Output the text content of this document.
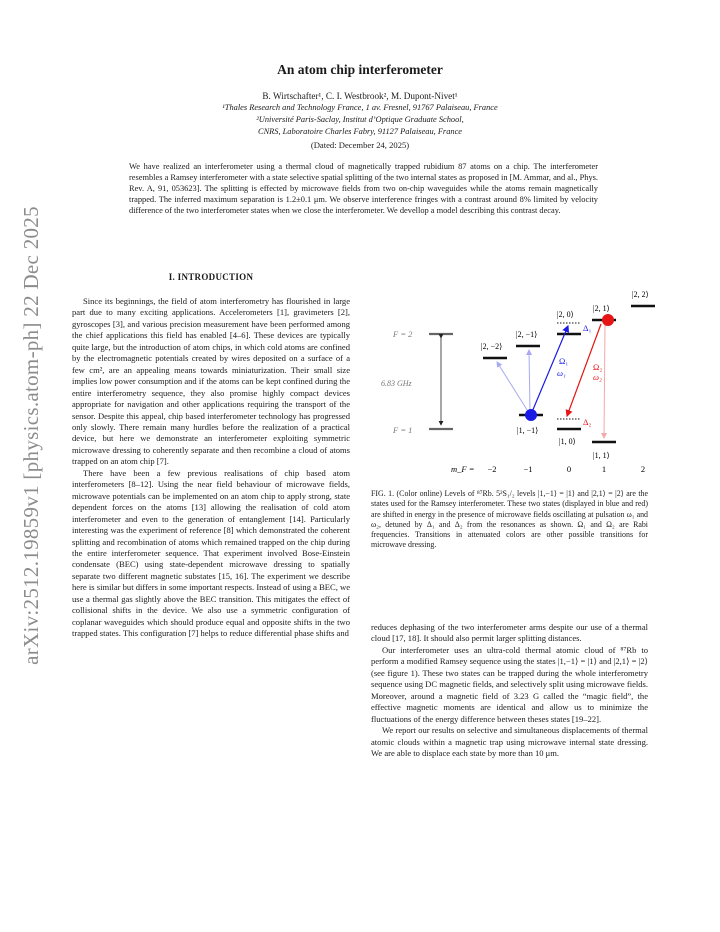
arXiv:2512.19859v1 [physics.atom-ph] 22 Dec 2025
An atom chip interferometer
B. Wirtschafter¹, C. I. Westbrook², M. Dupont-Nivet¹
¹Thales Research and Technology France, 1 av. Fresnel, 91767 Palaiseau, France
²Université Paris-Saclay, Institut d’Optique Graduate School,
CNRS, Laboratoire Charles Fabry, 91127 Palaiseau, France
(Dated: December 24, 2025)
We have realized an interferometer using a thermal cloud of magnetically trapped rubidium 87 atoms on a chip. The interferometer resembles a Ramsey interferometer with a state selective spatial splitting of the two internal states as proposed in [M. Ammar, and al., Phys. Rev. A, 91, 053623]. The splitting is effected by microwave fields from two on-chip waveguides while the atoms remain magnetically trapped. The inferred maximum separation is 1.2±0.1 μm. We observe interference fringes with a contrast around 8% limited by velocity difference of the two interferometer states when we close the interferometer. We devellop a model describing this contrast decay.
I. INTRODUCTION

Since its beginnings, the field of atom interferometry has flourished in large part due to many exciting applications. Accelerometers [1], gravimeters [2], gyroscopes [3], and various precision measurement have been performed among the chief applications this field has enabled [4–6]. These devices are typically quite large, but the introduction of atom chips, in which cold atoms are confined by the electromagnetic potentials created by wires deposited on a surface of a few cm², are an appealing means towards miniaturization. Their small size implies low power consumption and if the atoms can be kept confined during the entire interferometry sequence, they also promise highly compact devices appropriate for navigation and other applications requiring the transport of the sensor. Despite this appeal, chip based interferometer technology has progressed only slowly. There remain many hurdles before the realization of a practical device, but here we demonstrate an interferometer exploiting symmetric microwave dressing to coherently separate and then recombine a cloud of atoms trapped on an atom chip [7].

There have been a few previous realisations of chip based atom interferometers [8–12]. Using the near field behaviour of microwave fields, microwave potentials can be implemented on an atom chip to apply strong, state dependent forces on the atoms [13] allowing the realisation of cold atom interferometer and even to the generation of entanglement [14]. Particularly interesting was the experiment of reference [8] which demonstrated the coherent splitting and recombination of atoms which remained trapped on the chip during the entire interferometer sequence. That experiment involved Bose-Einstein condensate (BEC) using state-dependent microwave dressing to spatially separate two different magnetic substates [15, 16]. The experiment we describe here is similar but differs in some important respects. Instead of using a BEC, we use a thermal gas slightly above the BEC transition. This mitigates the effect of collisional shifts in the device. We also use a symmetric configuration of coplanar waveguides which should produce equal and opposite shifts in the two trapped states. This configuration [7] helps to reduce differential phase shifts and

F = 2
F = 1
6.83 GHz
|2, 2⟩
|2, 1⟩
|2, 0⟩
|2, −1⟩
|2, −2⟩
|1, −1⟩
|1, 0⟩
|1, 1⟩
Ω₁
ω₁
Δ₁
Ω₂
ω₂
Δ₂
m_F = −2	−1	0	1	2
FIG. 1. (Color online) Levels of ⁸⁷Rb. 5²S₁/₂ levels |1,−1⟩ = |1⟩ and |2,1⟩ = |2⟩ are the states used for the Ramsey interferometer. These two states (displayed in blue and red) are shifted in energy in the presence of microwave fields oscillating at pulsation ω₁ and ω₂, detuned by Δ₁ and Δ₂ from the resonances as shown. Ω₁ and Ω₂ are Rabi frequencies. Transitions in attenuated colors are other possible transitions for microwave dressing.

reduces dephasing of the two interferometer arms despite our use of a thermal cloud [17, 18]. It should also permit larger splitting distances.

Our interferometer uses an ultra-cold thermal atomic cloud of ⁸⁷Rb to perform a modified Ramsey sequence using the states |1,−1⟩ = |1⟩ and |2,1⟩ = |2⟩ (see figure 1). These two states can be trapped during the whole interferometry sequence using DC magnetic fields, and selectively split using microwave fields. Moreover, around a magnetic field of 3.23 G called the “magic field”, the effective magnetic moments are identical and allow us to minimize the fluctuations of the energy difference between theses states [19–22].

We report our results on selective and simultaneous displacements of thermal atomic clouds within a magnetic trap using microwave internal state dressing. We are able to displace each state by more than 10 μm.
